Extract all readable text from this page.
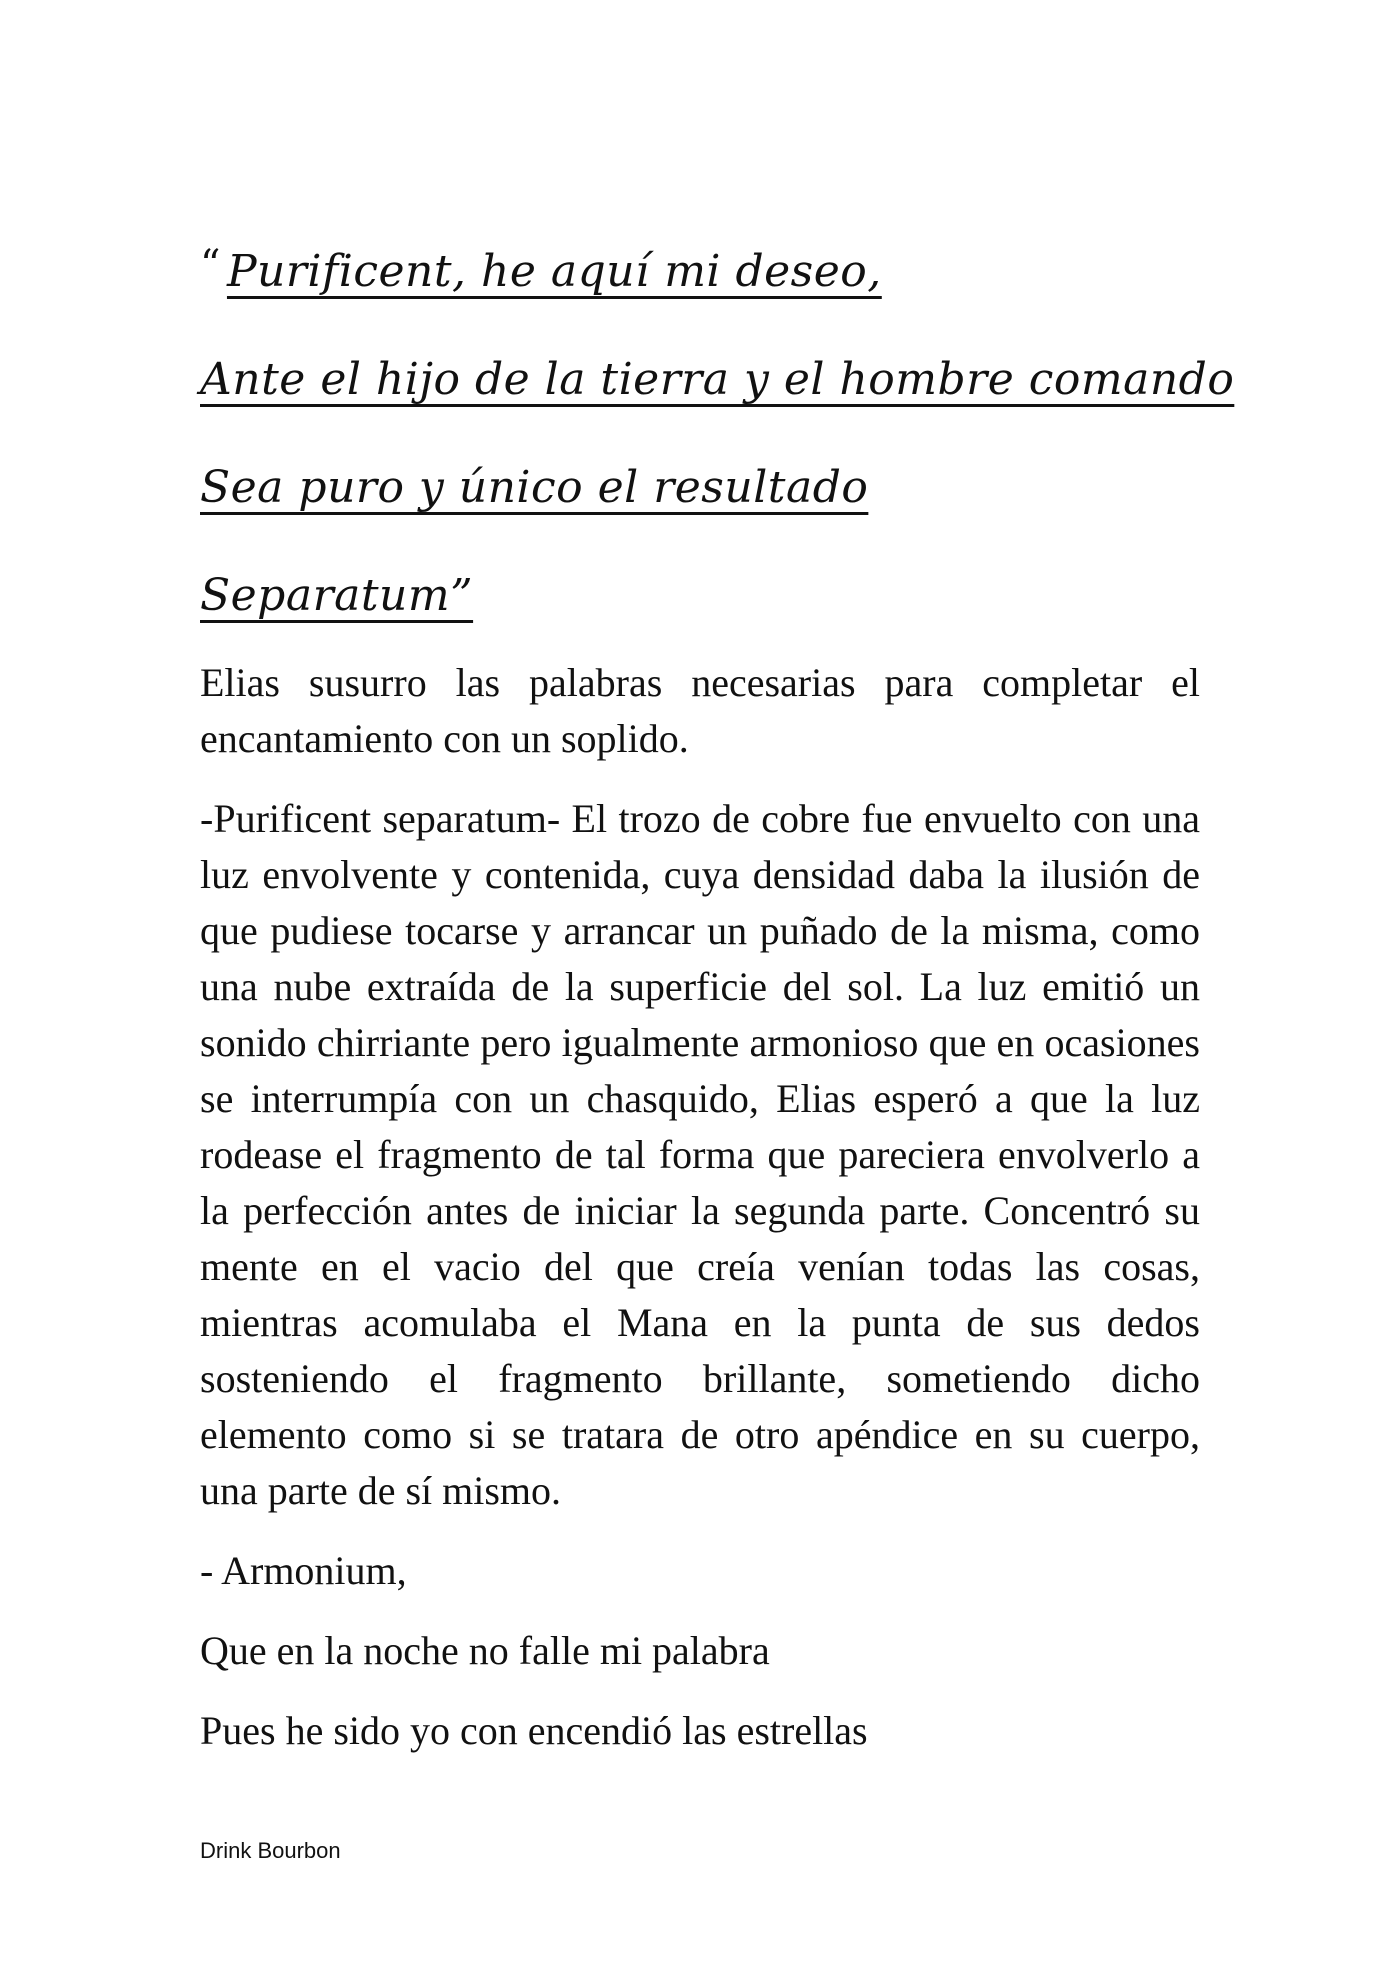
“ Purificent, he aquí mi deseo,
Ante el hijo de la tierra y el hombre comando
Sea puro y único el resultado
Separatum”

Elias susurro las palabras necesarias para completar el encantamiento con un soplido.

-Purificent separatum- El trozo de cobre fue envuelto con una luz envolvente y contenida, cuya densidad daba la ilusión de que pudiese tocarse y arrancar un puñado de la misma, como una nube extraída de la superficie del sol. La luz emitió un sonido chirriante pero igualmente armonioso que en ocasiones se interrumpía con un chasquido, Elias esperó a que la luz rodease el fragmento de tal forma que pareciera envolverlo a la perfección antes de iniciar la segunda parte. Concentró su mente en el vacio del que creía venían todas las cosas, mientras acomulaba el Mana en la punta de sus dedos sosteniendo el fragmento brillante, sometiendo dicho elemento como si se tratara de otro apéndice en su cuerpo, una parte de sí mismo.

- Armonium,

Que en la noche no falle mi palabra

Pues he sido yo con encendió las estrellas

Drink Bourbon
